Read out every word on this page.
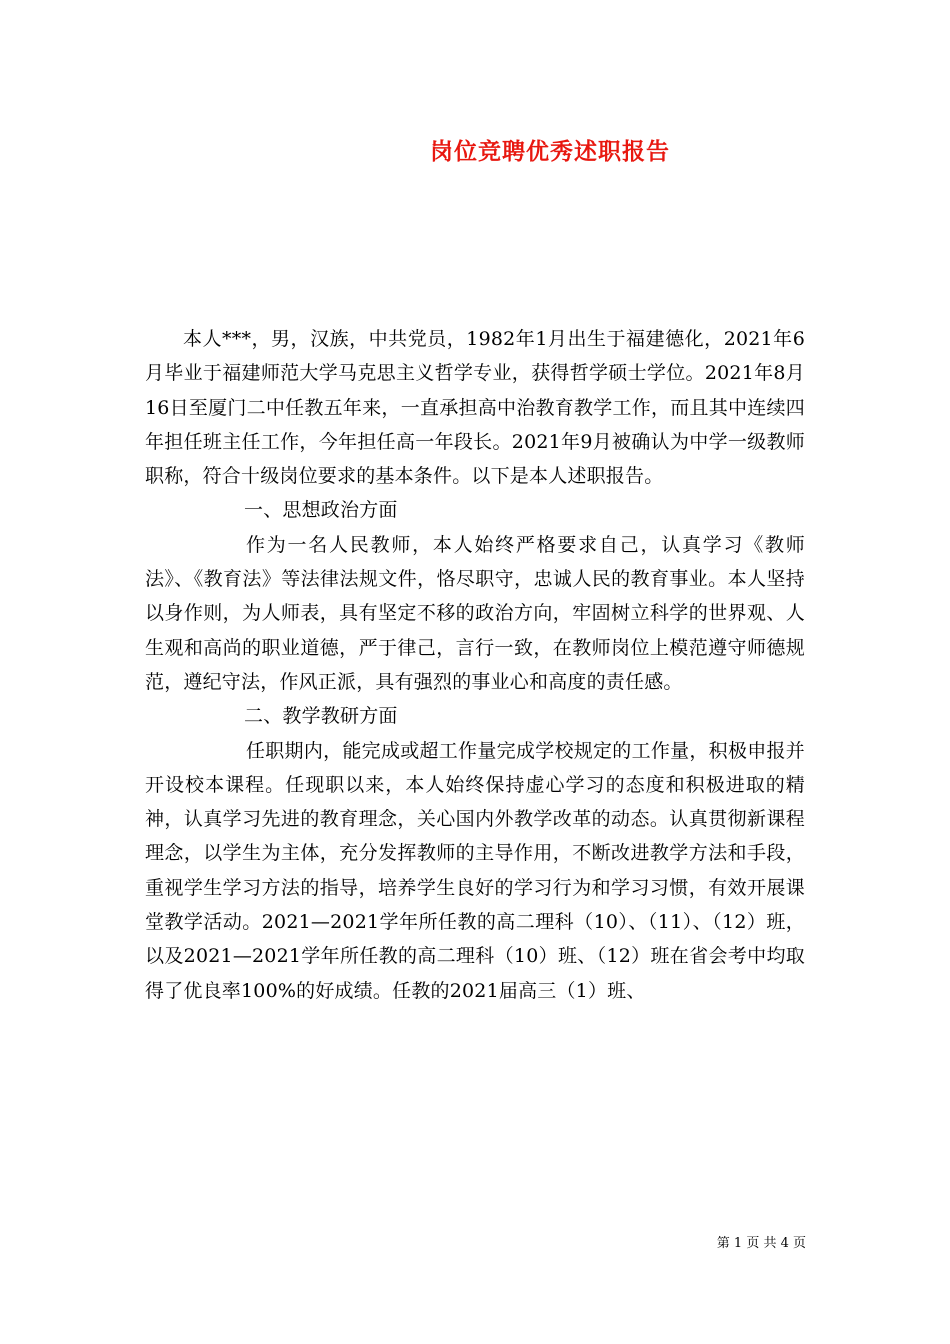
岗位竞聘优秀述职报告

本人***，男，汉族，中共党员，1982年1月出生于福建德化，2021年6月毕业于福建师范大学马克思主义哲学专业，获得哲学硕士学位。2021年8月16日至厦门二中任教五年来，一直承担高中治教育教学工作，而且其中连续四年担任班主任工作，今年担任高一年段长。2021年9月被确认为中学一级教师职称，符合十级岗位要求的基本条件。以下是本人述职报告。

一、思想政治方面

作为一名人民教师，本人始终严格要求自己，认真学习《教师法》、《教育法》等法律法规文件，恪尽职守，忠诚人民的教育事业。本人坚持以身作则，为人师表，具有坚定不移的政治方向，牢固树立科学的世界观、人生观和高尚的职业道德，严于律己，言行一致，在教师岗位上模范遵守师德规范，遵纪守法，作风正派，具有强烈的事业心和高度的责任感。

二、教学教研方面

任职期内，能完成或超工作量完成学校规定的工作量，积极申报并开设校本课程。任现职以来，本人始终保持虚心学习的态度和积极进取的精神，认真学习先进的教育理念，关心国内外教学改革的动态。认真贯彻新课程理念，以学生为主体，充分发挥教师的主导作用，不断改进教学方法和手段，重视学生学习方法的指导，培养学生良好的学习行为和学习习惯，有效开展课堂教学活动。2021—2021学年所任教的高二理科（10）、（11）、（12）班，以及2021—2021学年所任教的高二理科（10）班、（12）班在省会考中均取得了优良率100%的好成绩。任教的2021届高三（1）班、

第 1 页 共 4 页
